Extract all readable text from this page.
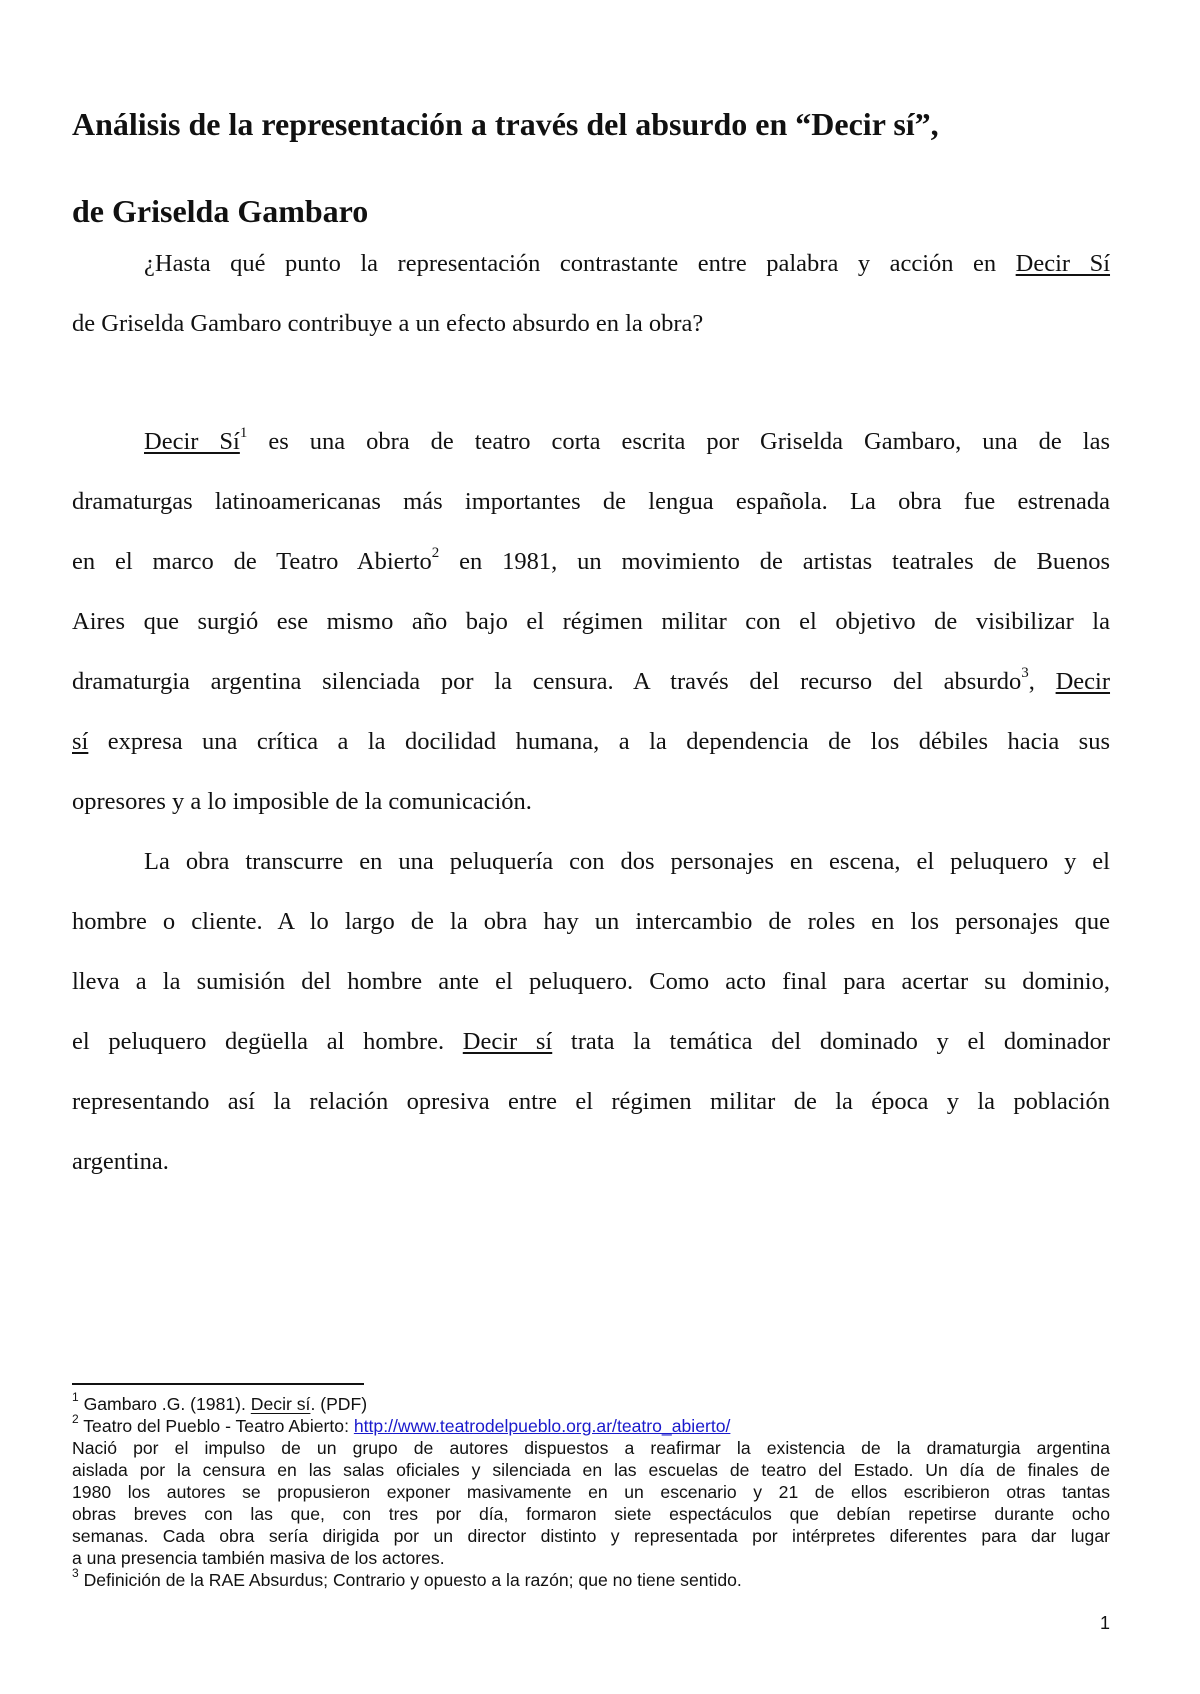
Análisis de la representación a través del absurdo en “Decir sí”,
de Griselda Gambaro
¿Hasta qué punto la representación contrastante entre palabra y acción en Decir Sí
de Griselda Gambaro contribuye a un efecto absurdo en la obra?
Decir $Sí^1$ es una obra de teatro corta escrita por Griselda Gambaro, una de las
dramaturgas latinoamericanas más importantes de lengua española. La obra fue estrenada
en el marco de Teatro Abierto$^2$ en 1981, un movimiento de artistas teatrales de Buenos
Aires que surgió ese mismo año bajo el régimen militar con el objetivo de visibilizar la
dramaturgia argentina silenciada por la censura. A través del recurso del absurdo$^3$, Decir
sí expresa una crítica a la docilidad humana, a la dependencia de los débiles hacia sus
opresores y a lo imposible de la comunicación.
La obra transcurre en una peluquería con dos personajes en escena, el peluquero y el
hombre o cliente. A lo largo de la obra hay un intercambio de roles en los personajes que
lleva a la sumisión del hombre ante el peluquero. Como acto final para acertar su dominio,
el peluquero degüella al hombre. Decir sí trata la temática del dominado y el dominador
representando así la relación opresiva entre el régimen militar de la época y la población
argentina.
$^1$ Gambaro .G. (1981). Decir sí. (PDF)
$^2$ Teatro del Pueblo - Teatro Abierto: http://www.teatrodelpueblo.org.ar/teatro_abierto/
Nació por el impulso de un grupo de autores dispuestos a reafirmar la existencia de la dramaturgia argentina
aislada por la censura en las salas oficiales y silenciada en las escuelas de teatro del Estado. Un día de finales de
1980 los autores se propusieron exponer masivamente en un escenario y 21 de ellos escribieron otras tantas
obras breves con las que, con tres por día, formaron siete espectáculos que debían repetirse durante ocho
semanas. Cada obra sería dirigida por un director distinto y representada por intérpretes diferentes para dar lugar
a una presencia también masiva de los actores.
$^3$ Definición de la RAE Absurdus; Contrario y opuesto a la razón; que no tiene sentido.
1
